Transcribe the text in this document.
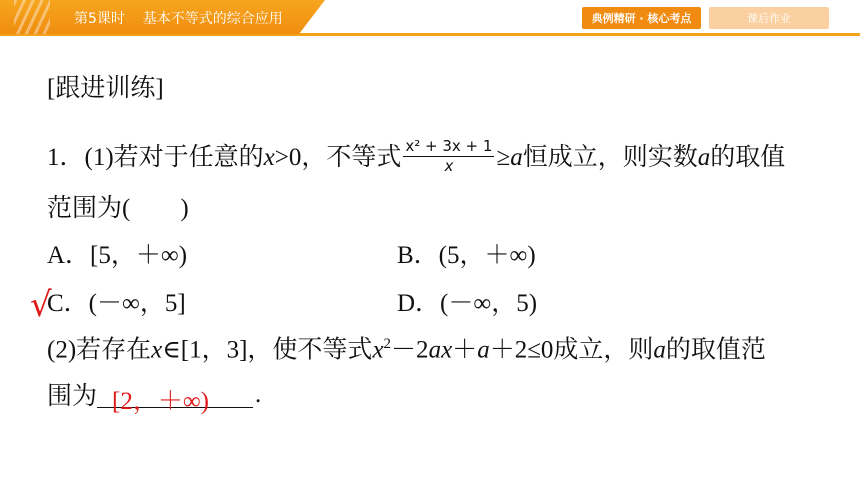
第5课时    基本不等式的综合应用	典例精研 · 核心考点	课后作业
[跟进训练]
1．(1)若对于任意的x>0，不等式 $\frac{\text{x² + 3x + 1}}{x} \ge a$恒成立，则实数a的取值
范围为(        )
A．[5，＋∞)	B．(5，＋∞)
√
C．(－∞，5]	D．(－∞，5)
(2)若存在x∈[1，3]，使不等式$x^2-2ax+a+2\le 0$成立，则a的取值范
围为 [2，＋∞) .
